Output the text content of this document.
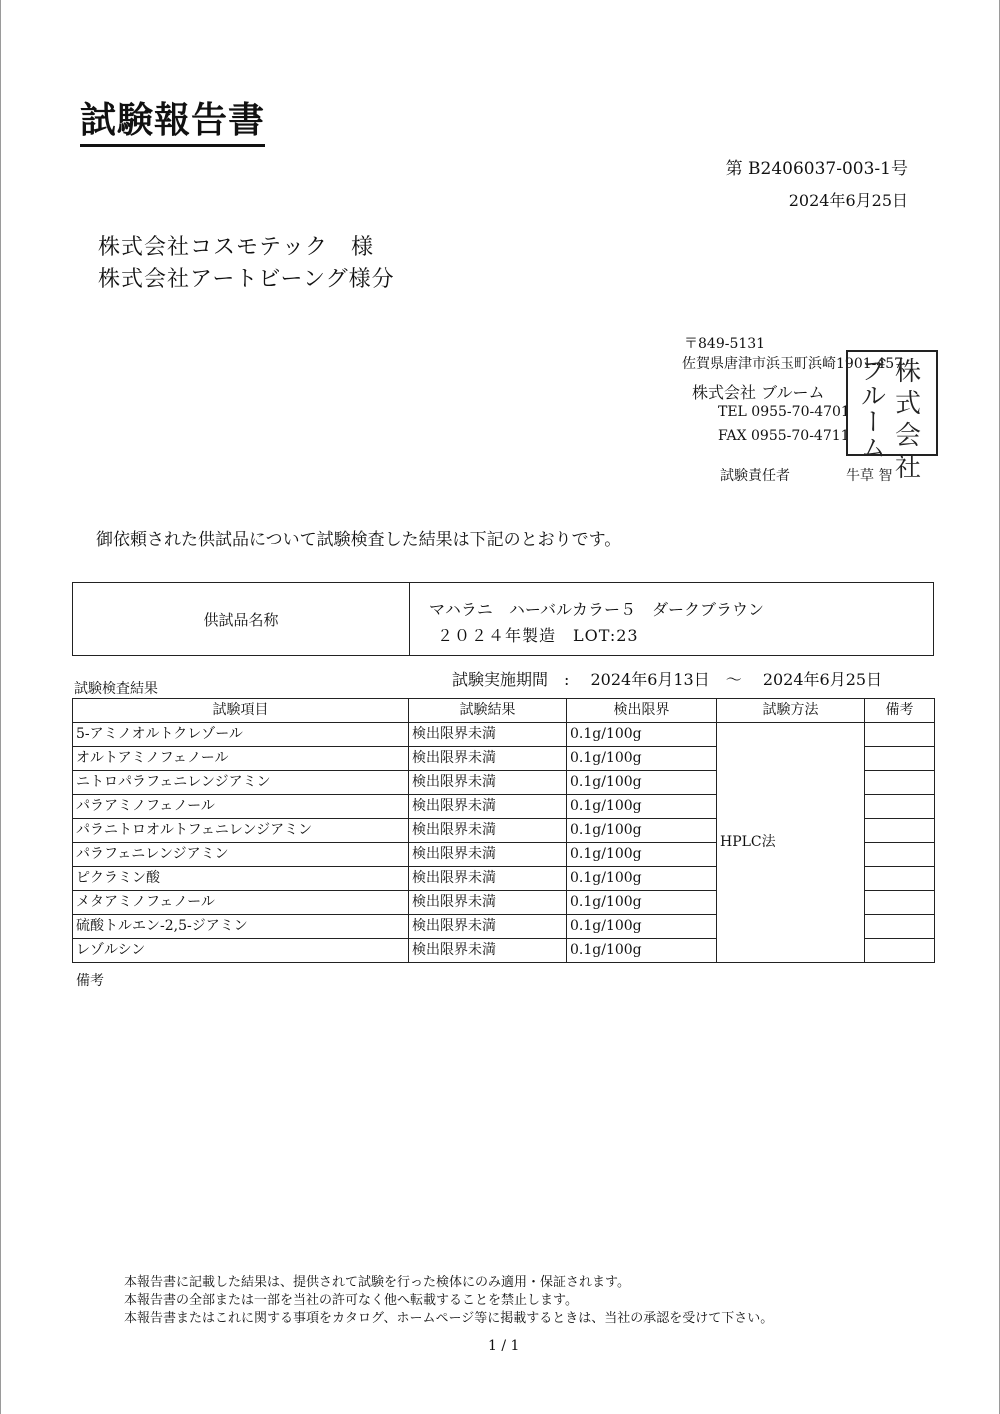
試験報告書
第 B2406037-003-1号
2024年6月25日
株式会社コスモテック　様
株式会社アートビーング様分
〒849-5131
佐賀県唐津市浜玉町浜崎1901-457
株式会社 ブルーム
TEL 0955-70-4701
FAX 0955-70-4711
試験責任者	牛草 智
ブルーム 株式会社
御依頼された供試品について試験検査した結果は下記のとおりです。
供試品名称
マハラニ　ハーバルカラー５　ダークブラウン
２０２４年製造　LOT:23
試験検査結果	試験実施期間　:　 2024年6月13日　～　 2024年6月25日
試験項目	試験結果	検出限界	試験方法	備考
5-アミノオルトクレゾール	検出限界未満	0.1g/100g	HPLC法	
オルトアミノフェノール	検出限界未満	0.1g/100g		
ニトロパラフェニレンジアミン	検出限界未満	0.1g/100g		
パラアミノフェノール	検出限界未満	0.1g/100g		
パラニトロオルトフェニレンジアミン	検出限界未満	0.1g/100g		
パラフェニレンジアミン	検出限界未満	0.1g/100g		
ピクラミン酸	検出限界未満	0.1g/100g		
メタアミノフェノール	検出限界未満	0.1g/100g		
硫酸トルエン-2,5-ジアミン	検出限界未満	0.1g/100g		
レゾルシン	検出限界未満	0.1g/100g		
備考
本報告書に記載した結果は、提供されて試験を行った検体にのみ適用・保証されます。
本報告書の全部または一部を当社の許可なく他へ転載することを禁止します。
本報告書またはこれに関する事項をカタログ、ホームページ等に掲載するときは、当社の承認を受けて下さい。
1 / 1
